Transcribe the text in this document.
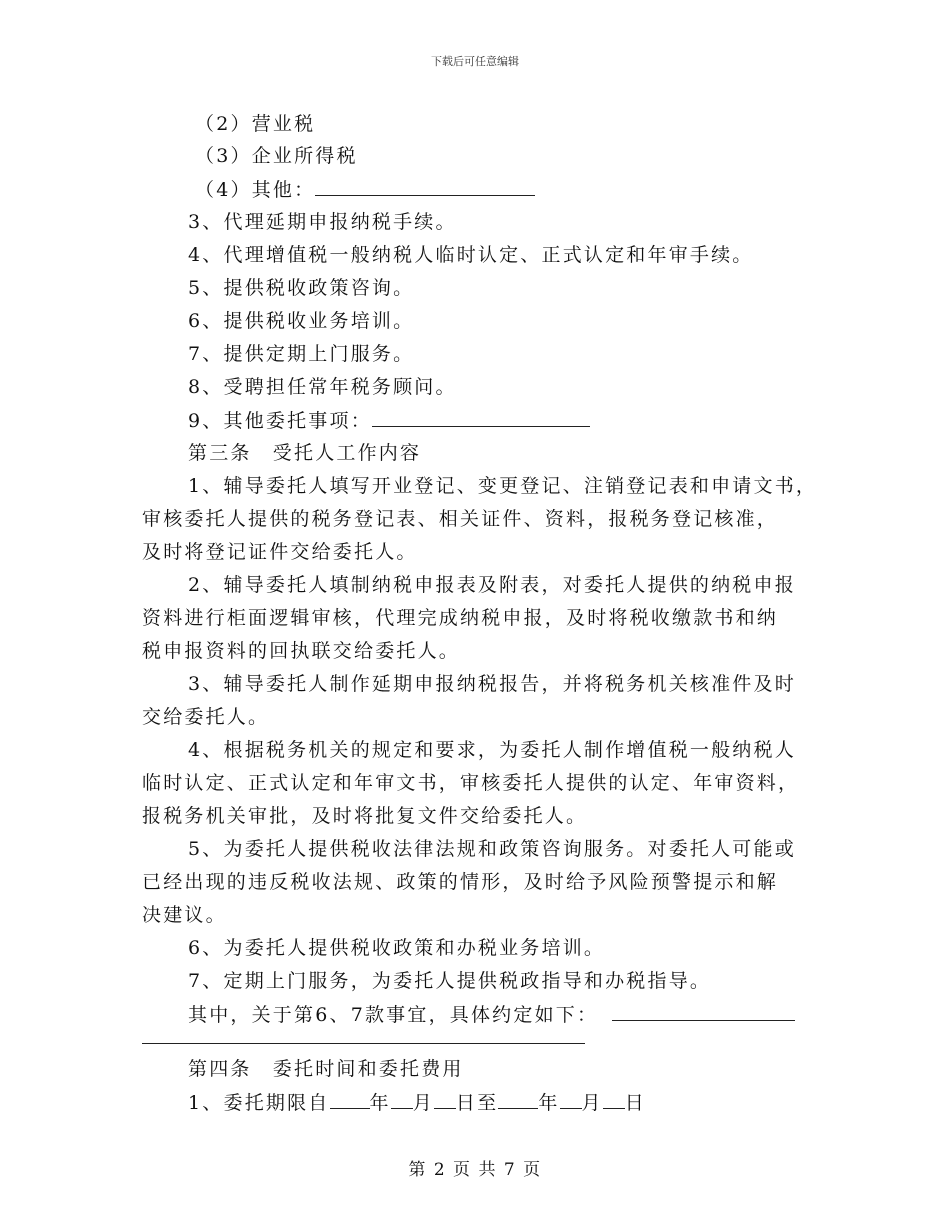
下载后可任意编辑
（2）营业税
（3）企业所得税
（4）其他：
3、代理延期申报纳税手续。
4、代理增值税一般纳税人临时认定、正式认定和年审手续。
5、提供税收政策咨询。
6、提供税收业务培训。
7、提供定期上门服务。
8、受聘担任常年税务顾问。
9、其他委托事项：
第三条　受托人工作内容
1、辅导委托人填写开业登记、变更登记、注销登记表和申请文书，
审核委托人提供的税务登记表、相关证件、资料，报税务登记核准，
及时将登记证件交给委托人。
2、辅导委托人填制纳税申报表及附表，对委托人提供的纳税申报
资料进行柜面逻辑审核，代理完成纳税申报，及时将税收缴款书和纳
税申报资料的回执联交给委托人。
3、辅导委托人制作延期申报纳税报告，并将税务机关核准件及时
交给委托人。
4、根据税务机关的规定和要求，为委托人制作增值税一般纳税人
临时认定、正式认定和年审文书，审核委托人提供的认定、年审资料，
报税务机关审批，及时将批复文件交给委托人。
5、为委托人提供税收法律法规和政策咨询服务。对委托人可能或
已经出现的违反税收法规、政策的情形，及时给予风险预警提示和解
决建议。
6、为委托人提供税收政策和办税业务培训。
7、定期上门服务，为委托人提供税政指导和办税指导。
其中，关于第6、7款事宜，具体约定如下：
第四条　委托时间和委托费用
1、委托期限自 年 月 日至 年 月 日
第 2 页 共 7 页
